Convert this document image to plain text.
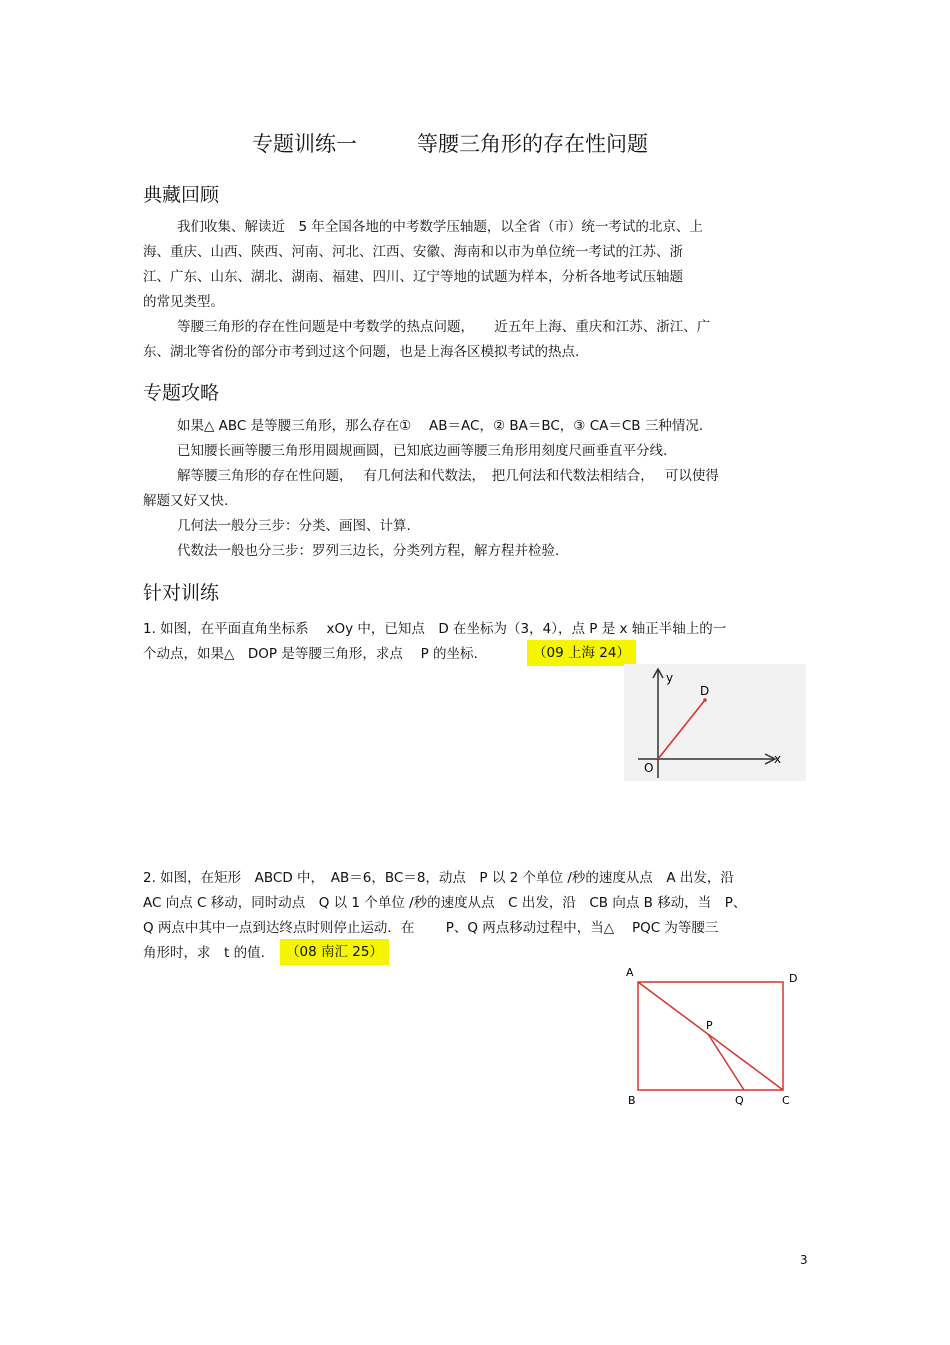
专题训练一	等腰三角形的存在性问题
典藏回顾
我们收集、解读近　5 年全国各地的中考数学压轴题，以全省（市）统一考试的北京、上
海、重庆、山西、陕西、河南、河北、江西、安徽、海南和以市为单位统一考试的江苏、浙
江、广东、山东、湖北、湖南、福建、四川、辽宁等地的试题为样本，分析各地考试压轴题
的常见类型。
等腰三角形的存在性问题是中考数学的热点问题，　　近五年上海、重庆和江苏、浙江、广
东、湖北等省份的部分市考到过这个问题，也是上海各区模拟考试的热点.
专题攻略
如果△ ABC 是等腰三角形，那么存在①　 AB＝AC，② BA＝BC，③ CA＝CB 三种情况.
已知腰长画等腰三角形用圆规画圆，已知底边画等腰三角形用刻度尺画垂直平分线.
解等腰三角形的存在性问题，　 有几何法和代数法，　把几何法和代数法相结合，　 可以使得
解题又好又快.
几何法一般分三步：分类、画图、计算.
代数法一般也分三步：罗列三边长，分类列方程，解方程并检验.
针对训练
1. 如图，在平面直角坐标系　 xOy 中，已知点　D 在坐标为（3，4），点 P 是 x 轴正半轴上的一
个动点，如果△　DOP 是等腰三角形，求点　 P 的坐标.	（09 上海 24）
y
x
O
D
2. 如图，在矩形　ABCD 中，　AB＝6，BC＝8，动点　P 以 2 个单位 /秒的速度从点　A 出发，沿
AC 向点 C 移动，同时动点　Q 以 1 个单位 /秒的速度从点　C 出发，沿　CB 向点 B 移动，当　P、
Q 两点中其中一点到达终点时则停止运动．在　　 P、Q 两点移动过程中，当△　 PQC 为等腰三
角形时，求　t 的值.	（08 南汇 25）
A	D
P
B	Q	C
3
